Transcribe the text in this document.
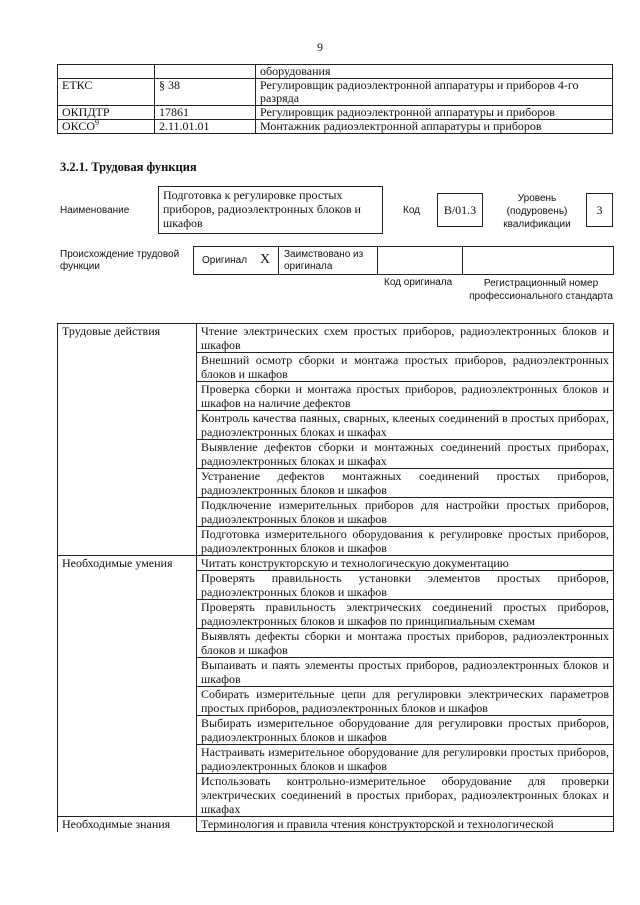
9
		оборудования
ЕТКС	§ 38	Регулировщик радиоэлектронной аппаратуры и приборов 4-го разряда
ОКПДТР	17861	Регулировщик радиоэлектронной аппаратуры и приборов
ОКСО$^9$	2.11.01.01	Монтажник радиоэлектронной аппаратуры и приборов
3.2.1. Трудовая функция
Наименование
Подготовка к регулировке простых приборов, радиоэлектронных блоков и шкафов
Код	В/01.3
Уровень (подуровень) квалификации
3
Происхождение трудовой функции
Оригинал X Заимствовано из оригинала
Код оригинала	Регистрационный номер профессионального стандарта
Трудовые действия	Чтение электрических схем простых приборов, радиоэлектронных блоков и шкафов
	Внешний осмотр сборки и монтажа простых приборов, радиоэлектронных блоков и шкафов
	Проверка сборки и монтажа простых приборов, радиоэлектронных блоков и шкафов на наличие дефектов
	Контроль качества паяных, сварных, клееных соединений в простых приборах, радиоэлектронных блоках и шкафах
	Выявление дефектов сборки и монтажных соединений простых приборах, радиоэлектронных блоках и шкафах
	Устранение дефектов монтажных соединений простых приборов, радиоэлектронных блоков и шкафов
	Подключение измерительных приборов для настройки простых приборов, радиоэлектронных блоков и шкафов
	Подготовка измерительного оборудования к регулировке простых приборов, радиоэлектронных блоков и шкафов
Необходимые умения	Читать конструкторскую и технологическую документацию
	Проверять правильность установки элементов простых приборов, радиоэлектронных блоков и шкафов
	Проверять правильность электрических соединений простых приборов, радиоэлектронных блоков и шкафов по принципиальным схемам
	Выявлять дефекты сборки и монтажа простых приборов, радиоэлектронных блоков и шкафов
	Выпаивать и паять элементы простых приборов, радиоэлектронных блоков и шкафов
	Собирать измерительные цепи для регулировки электрических параметров простых приборов, радиоэлектронных блоков и шкафов
	Выбирать измерительное оборудование для регулировки простых приборов, радиоэлектронных блоков и шкафов
	Настраивать измерительное оборудование для регулировки простых приборов, радиоэлектронных блоков и шкафов
	Использовать контрольно-измерительное оборудование для проверки электрических соединений в простых приборах, радиоэлектронных блоках и шкафах
Необходимые знания	Терминология и правила чтения конструкторской и технологической
